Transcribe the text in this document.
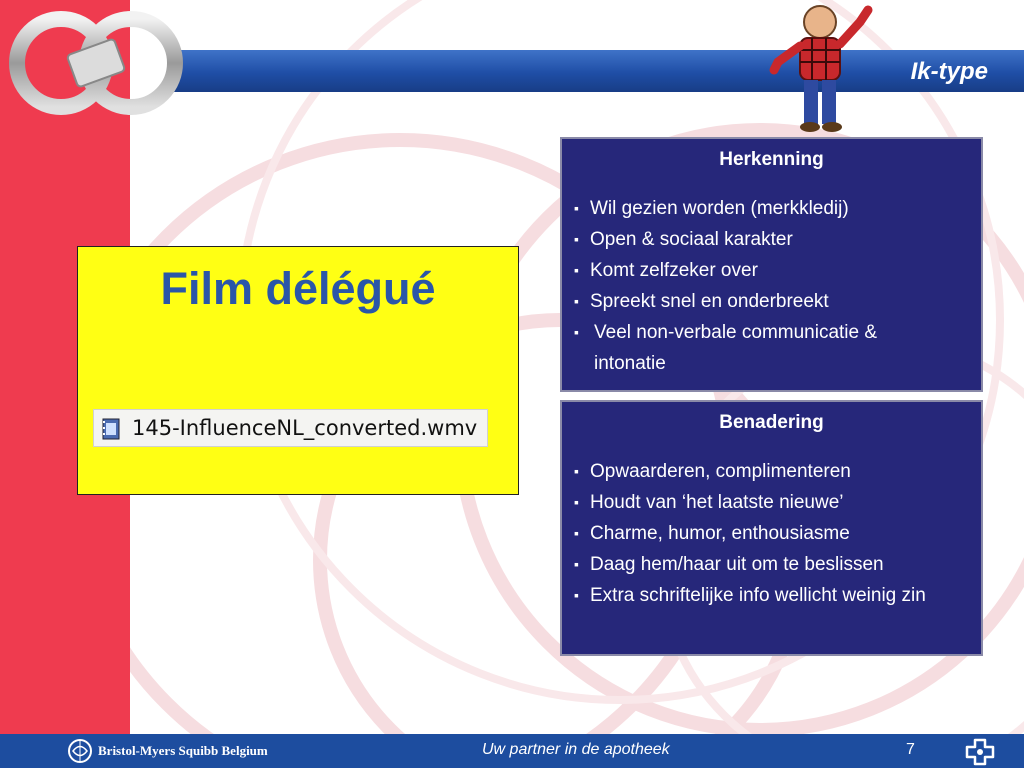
Ik-type
Film délégué
145-InfluenceNL_converted.wmv
Herkenning
▪ Wil gezien worden (merkkledij)
▪ Open & sociaal karakter
▪ Komt zelfzeker over
▪ Spreekt snel en onderbreekt
▪ Veel non-verbale communicatie & intonatie
Benadering
▪ Opwaarderen, complimenteren
▪ Houdt van ‘het laatste nieuwe’
▪ Charme, humor, enthousiasme
▪ Daag hem/haar uit om te beslissen
▪ Extra schriftelijke info wellicht weinig zin
Bristol-Myers Squibb Belgium	Uw partner in de apotheek	7
